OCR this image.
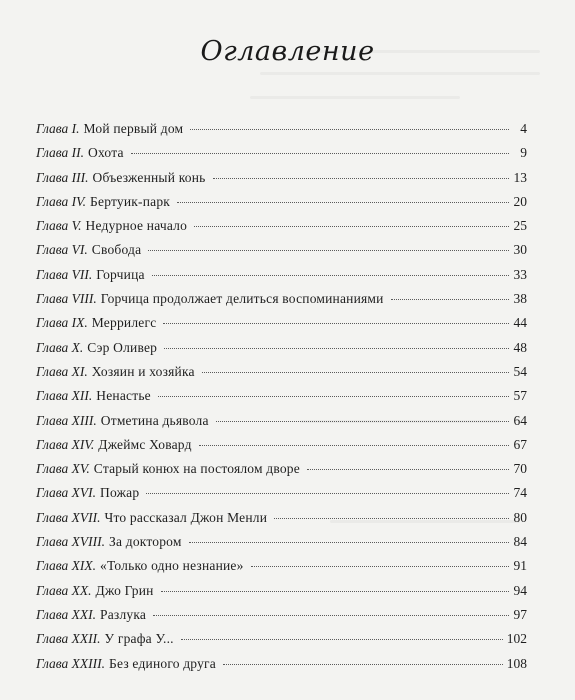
Оглавление
Глава I. Мой первый дом	4
Глава II. Охота	9
Глава III. Объезженный конь	13
Глава IV. Бертуик-парк	20
Глава V. Недурное начало	25
Глава VI. Свобода	30
Глава VII. Горчица	33
Глава VIII. Горчица продолжает делиться воспоминаниями	38
Глава IX. Меррилегс	44
Глава X. Сэр Оливер	48
Глава XI. Хозяин и хозяйка	54
Глава XII. Ненастье	57
Глава XIII. Отметина дьявола	64
Глава XIV. Джеймс Ховард	67
Глава XV. Старый конюх на постоялом дворе	70
Глава XVI. Пожар	74
Глава XVII. Что рассказал Джон Менли	80
Глава XVIII. За доктором	84
Глава XIX. «Только одно незнание»	91
Глава XX. Джо Грин	94
Глава XXI. Разлука	97
Глава XXII. У графа У...	102
Глава XXIII. Без единого друга	108
